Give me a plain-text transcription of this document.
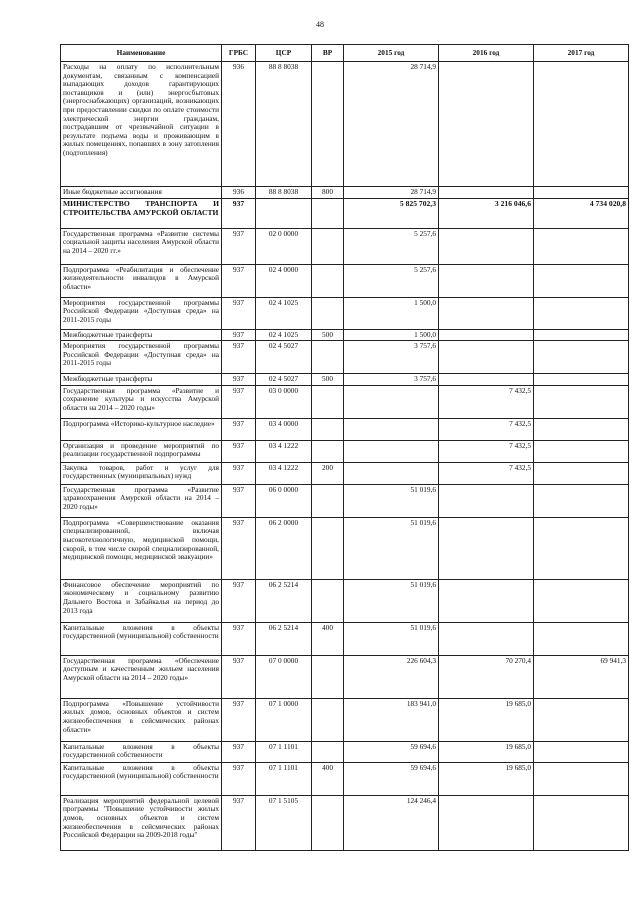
48
Наименование	ГРБС	ЦСР	ВР	2015 год	2016 год	2017 год
Расходы на оплату по исполнительным документам, связанным с компенсацией выпадающих доходов гарантирующих поставщиков и (или) энергосбытовых (энергоснабжающих) организаций, возникающих при предоставлении скидки по оплате стоимости электрической энергии гражданам, пострадавшим от чрезвычайной ситуации в результате подъема воды и проживающим в жилых помещениях, попавших в зону затопления (подтопления)	936	88 8 8038		28 714,9		
Иные бюджетные ассигнования	936	88 8 8038	800	28 714,9		
МИНИСТЕРСТВО ТРАНСПОРТА И СТРОИТЕЛЬСТВА АМУРСКОЙ ОБЛАСТИ	937			5 825 702,3	3 216 046,6	4 734 020,8
Государственная программа «Развитие системы социальной защиты населения Амурской области на 2014 – 2020 гг.»	937	02 0 0000		5 257,6		
Подпрограмма «Реабилитация и обеспечение жизнедеятельности инвалидов в Амурской области»	937	02 4 0000		5 257,6		
Мероприятия государственной программы Российской Федерации «Доступная среда» на 2011-2015 годы	937	02 4 1025		1 500,0		
Межбюджетные трансферты	937	02 4 1025	500	1 500,0		
Мероприятия государственной программы Российской Федерации «Доступная среда» на 2011-2015 годы	937	02 4 5027		3 757,6		
Межбюджетные трансферты	937	02 4 5027	500	3 757,6		
Государственная программа «Развитие и сохранение культуры и искусства Амурской области на 2014 – 2020 годы»	937	03 0 0000			7 432,5	
Подпрограмма «Историко-культурное наследие»	937	03 4 0000			7 432,5	
Организация и проведение мероприятий по реализации государственной подпрограммы	937	03 4 1222			7 432,5	
Закупка товаров, работ и услуг для государственных (муниципальных) нужд	937	03 4 1222	200		7 432,5	
Государственная программа «Развитие здравоохранения Амурской области на 2014 – 2020 годы»	937	06 0 0000		51 019,6		
Подпрограмма «Совершенствование оказания специализированной, включая высокотехнологичную, медицинской помощи, скорой, в том числе скорой специализированной, медицинской помощи, медицинской эвакуации»	937	06 2 0000		51 019,6		
Финансовое обеспечение мероприятий по экономическому и социальному развитию Дальнего Востока и Забайкалья на период до 2013 года	937	06 2 5214		51 019,6		
Капитальные вложения в объекты государственной (муниципальной) собственности	937	06 2 5214	400	51 019,6		
Государственная программа «Обеспечение доступным и качественным жильем населения Амурской области на 2014 – 2020 годы»	937	07 0 0000		226 604,3	70 270,4	69 941,3
Подпрограмма «Повышение устойчивости жилых домов, основных объектов и систем жизнеобеспечения в сейсмических районах области»	937	07 1 0000		183 941,0	19 685,0	
Капитальные вложения в объекты государственной собственности	937	07 1 1101		59 694,6	19 685,0	
Капитальные вложения в объекты государственной (муниципальной) собственности	937	07 1 1101	400	59 694,6	19 685,0	
Реализация мероприятий федеральной целевой программы "Повышение устойчивости жилых домов, основных объектов и систем жизнеобеспечения в сейсмических районах Российской Федерации на 2009-2018 годы"	937	07 1 5105		124 246,4		
